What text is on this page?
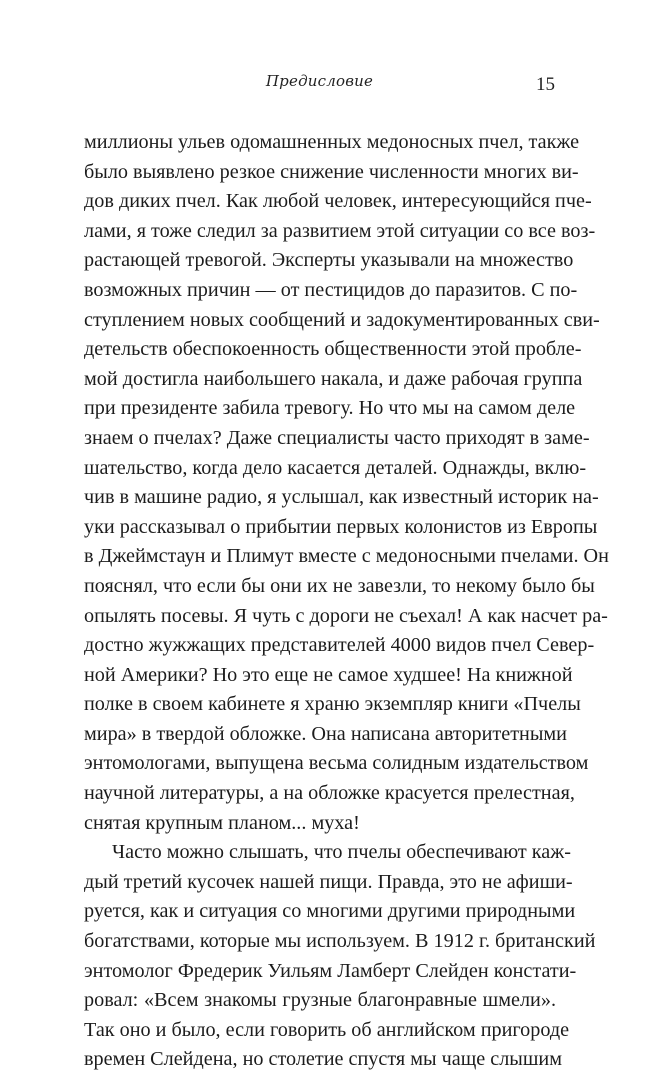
Предисловие	15
миллионы ульев одомашненных медоносных пчел, также
было выявлено резкое снижение численности многих ви-
дов диких пчел. Как любой человек, интересующийся пче-
лами, я тоже следил за развитием этой ситуации со все воз-
растающей тревогой. Эксперты указывали на множество
возможных причин — от пестицидов до паразитов. С по-
ступлением новых сообщений и задокументированных сви-
детельств обеспокоенность общественности этой пробле-
мой достигла наибольшего накала, и даже рабочая группа
при президенте забила тревогу. Но что мы на самом деле
знаем о пчелах? Даже специалисты часто приходят в заме-
шательство, когда дело касается деталей. Однажды, вклю-
чив в машине радио, я услышал, как известный историк на-
уки рассказывал о прибытии первых колонистов из Европы
в Джеймстаун и Плимут вместе с медоносными пчелами. Он
пояснял, что если бы они их не завезли, то некому было бы
опылять посевы. Я чуть с дороги не съехал! А как насчет ра-
достно жужжащих представителей 4000 видов пчел Север-
ной Америки? Но это еще не самое худшее! На книжной
полке в своем кабинете я храню экземпляр книги «Пчелы
мира» в твердой обложке. Она написана авторитетными
энтомологами, выпущена весьма солидным издательством
научной литературы, а на обложке красуется прелестная,
снятая крупным планом... муха!
Часто можно слышать, что пчелы обеспечивают каж-
дый третий кусочек нашей пищи. Правда, это не афиши-
руется, как и ситуация со многими другими природными
богатствами, которые мы используем. В 1912 г. британский
энтомолог Фредерик Уильям Ламберт Слейден констати-
ровал: «Всем знакомы грузные благонравные шмели».
Так оно и было, если говорить об английском пригороде
времен Слейдена, но столетие спустя мы чаще слышим
